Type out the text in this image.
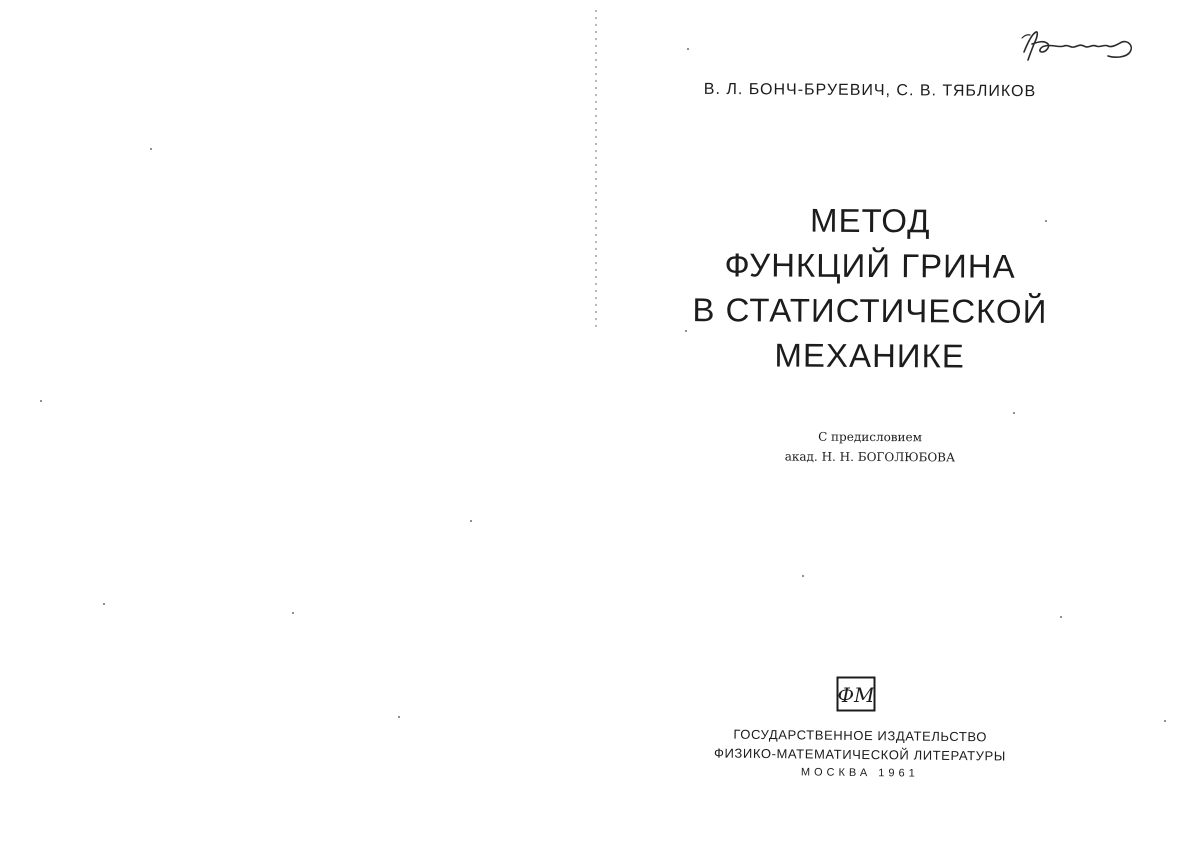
В. Л. БОНЧ-БРУЕВИЧ, С. В. ТЯБЛИКОВ
МЕТОД
ФУНКЦИЙ ГРИНА
В СТАТИСТИЧЕСКОЙ
МЕХАНИКЕ
С предисловием
акад. Н. Н. БОГОЛЮБОВА
ФМ
ГОСУДАРСТВЕННОЕ ИЗДАТЕЛЬСТВО
ФИЗИКО-МАТЕМАТИЧЕСКОЙ ЛИТЕРАТУРЫ
МОСКВА 1961
